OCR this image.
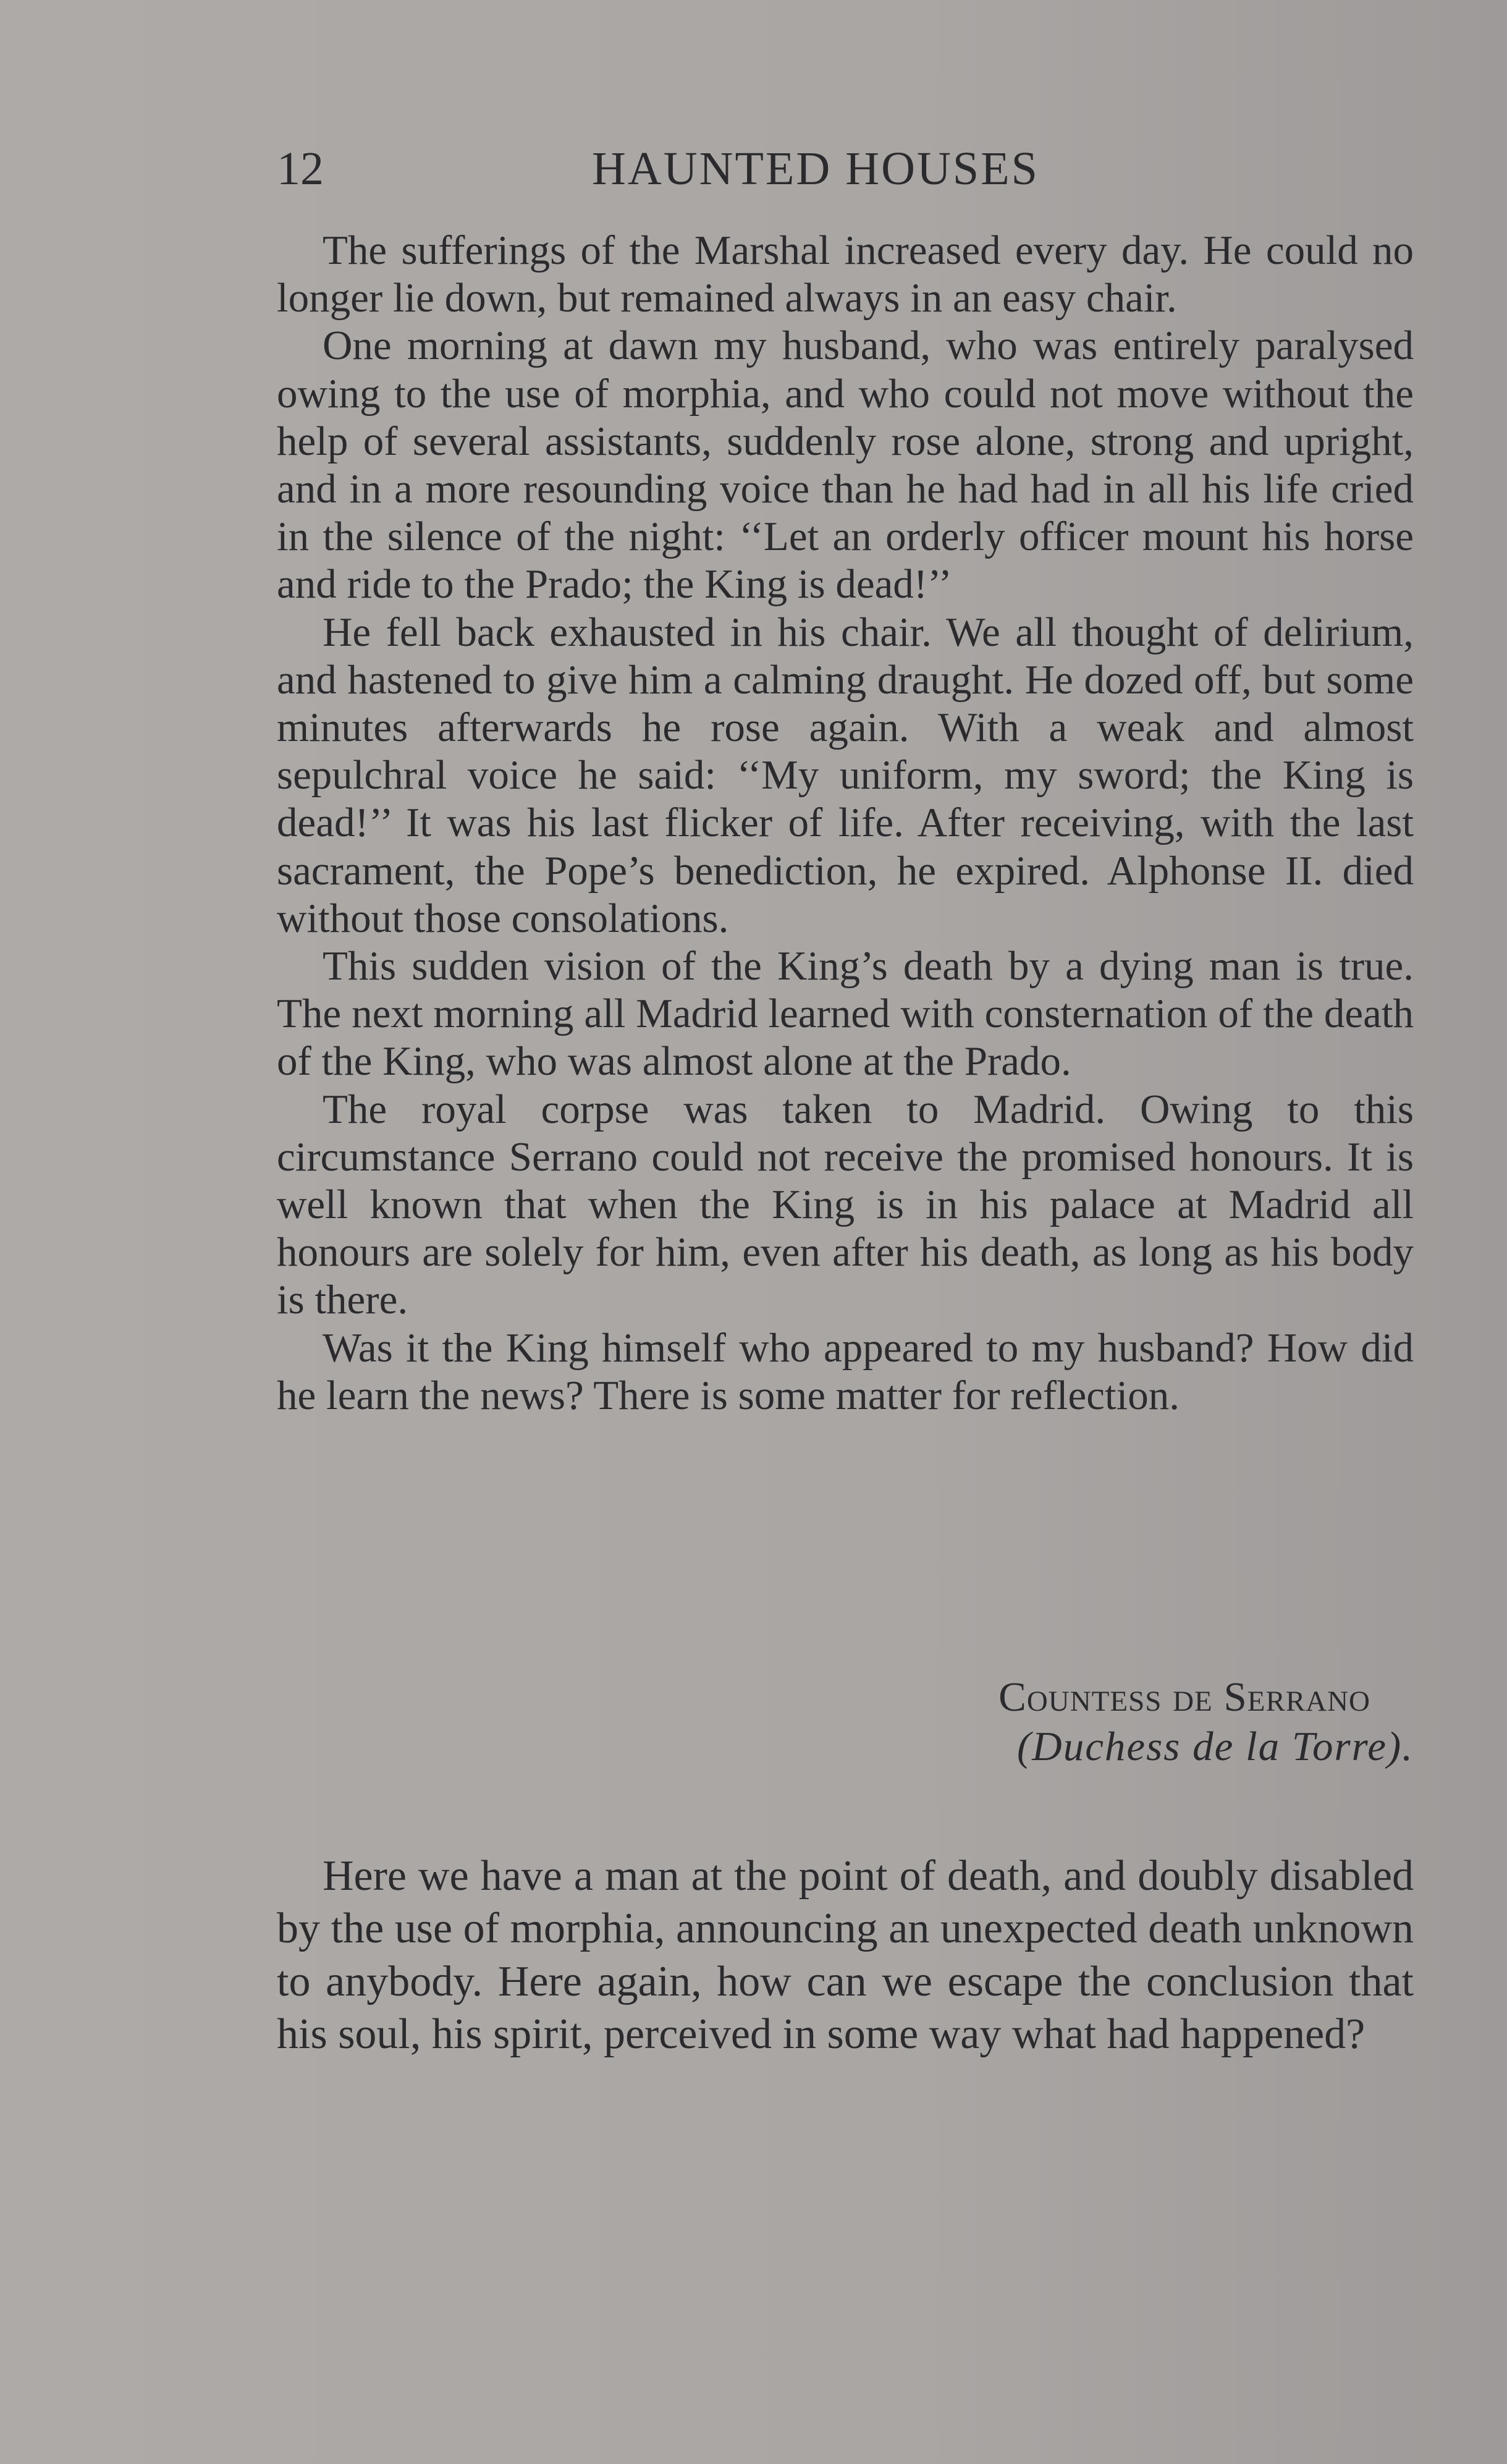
12	HAUNTED HOUSES

The sufferings of the Marshal increased every day. He could no longer lie down, but remained always in an easy chair.

One morning at dawn my husband, who was entirely paralysed owing to the use of morphia, and who could not move without the help of several assistants, suddenly rose alone, strong and upright, and in a more resounding voice than he had had in all his life cried in the silence of the night: ‘‘Let an orderly officer mount his horse and ride to the Prado; the King is dead!’’

He fell back exhausted in his chair. We all thought of delirium, and hastened to give him a calming draught. He dozed off, but some minutes afterwards he rose again. With a weak and almost sepulchral voice he said: ‘‘My uniform, my sword; the King is dead!’’ It was his last flicker of life. After receiving, with the last sacrament, the Pope’s benediction, he expired. Alphonse II. died without those consolations.

This sudden vision of the King’s death by a dying man is true. The next morning all Madrid learned with consternation of the death of the King, who was almost alone at the Prado.

The royal corpse was taken to Madrid. Owing to this circumstance Serrano could not receive the promised honours. It is well known that when the King is in his palace at Madrid all honours are solely for him, even after his death, as long as his body is there.

Was it the King himself who appeared to my husband? How did he learn the news? There is some matter for reflection.

Countess de Serrano
(Duchess de la Torre).

Here we have a man at the point of death, and doubly disabled by the use of morphia, announcing an unexpected death unknown to anybody. Here again, how can we escape the conclusion that his soul, his spirit, perceived in some way what had happened?
